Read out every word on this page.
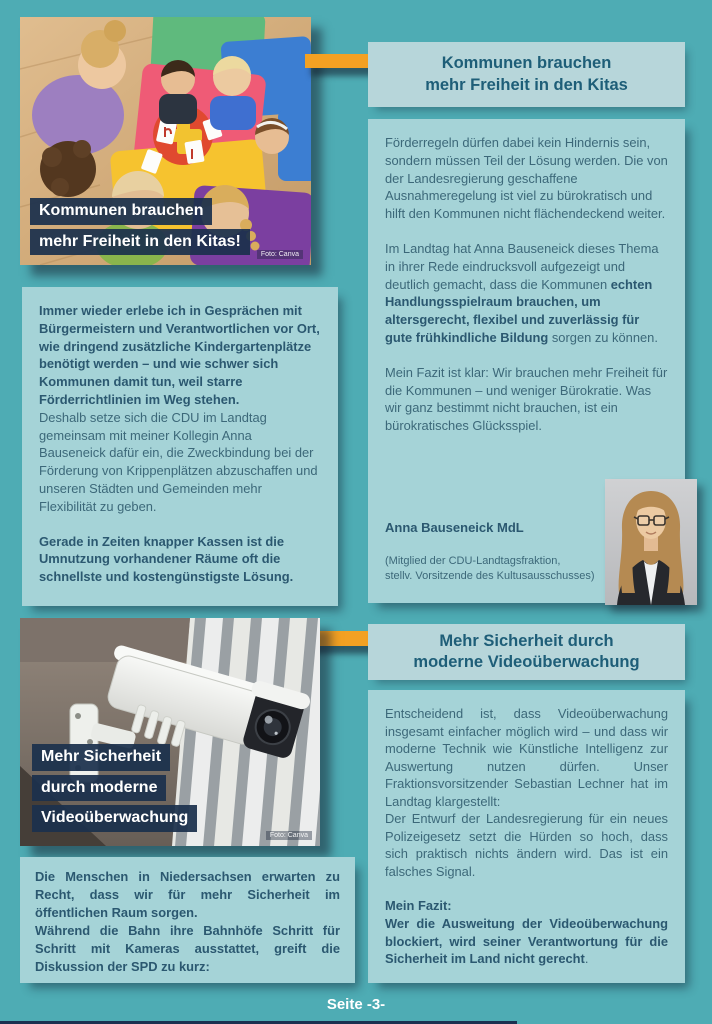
Kommunen brauchen
mehr Freiheit in den Kitas!
Foto: Canva
Kommunen brauchen
mehr Freiheit in den Kitas

Immer wieder erlebe ich in Gesprächen mit Bürgermeistern und Verantwortlichen vor Ort, wie dringend zusätzliche Kindergartenplätze benötigt werden – und wie schwer sich Kommunen damit tun, weil starre Förderrichtlinien im Weg stehen.

Deshalb setze sich die CDU im Landtag gemeinsam mit meiner Kollegin Anna Bauseneick dafür ein, die Zweckbindung bei der Förderung von Krippenplätzen abzuschaffen und unseren Städten und Gemeinden mehr Flexibilität zu geben.

Gerade in Zeiten knapper Kassen ist die Umnutzung vorhandener Räume oft die schnellste und kostengünstigste Lösung.

Förderregeln dürfen dabei kein Hindernis sein, sondern müssen Teil der Lösung werden. Die von der Landesregierung geschaffene Ausnahmeregelung ist viel zu bürokratisch und hilft den Kommunen nicht flächendeckend weiter.

Im Landtag hat Anna Bauseneick dieses Thema in ihrer Rede eindrucksvoll aufgezeigt und deutlich gemacht, dass die Kommunen echten Handlungsspielraum brauchen, um altersgerecht, flexibel und zuverlässig für gute frühkindliche Bildung sorgen zu können.

Mein Fazit ist klar: Wir brauchen mehr Freiheit für die Kommunen – und weniger Bürokratie. Was wir ganz bestimmt nicht brauchen, ist ein bürokratisches Glücksspiel.

Anna Bauseneick MdL
(Mitglied der CDU-Landtagsfraktion,
stellv. Vorsitzende des Kultusausschusses)
Mehr Sicherheit
durch moderne
Videoüberwachung
Foto: Canva
Mehr Sicherheit durch
moderne Videoüberwachung

Entscheidend ist, dass Videoüberwachung insgesamt einfacher möglich wird – und dass wir moderne Technik wie Künstliche Intelligenz zur Auswertung nutzen dürfen. Unser Fraktionsvorsitzender Sebastian Lechner hat im Landtag klargestellt:

Der Entwurf der Landesregierung für ein neues Polizeigesetz setzt die Hürden so hoch, dass sich praktisch nichts ändern wird. Das ist ein falsches Signal.

Mein Fazit:

Wer die Ausweitung der Videoüberwachung blockiert, wird seiner Verantwortung für die Sicherheit im Land nicht gerecht.

Die Menschen in Niedersachsen erwarten zu Recht, dass wir für mehr Sicherheit im öffentlichen Raum sorgen.

Während die Bahn ihre Bahnhöfe Schritt für Schritt mit Kameras ausstattet, greift die Diskussion der SPD zu kurz:

Seite -3-
